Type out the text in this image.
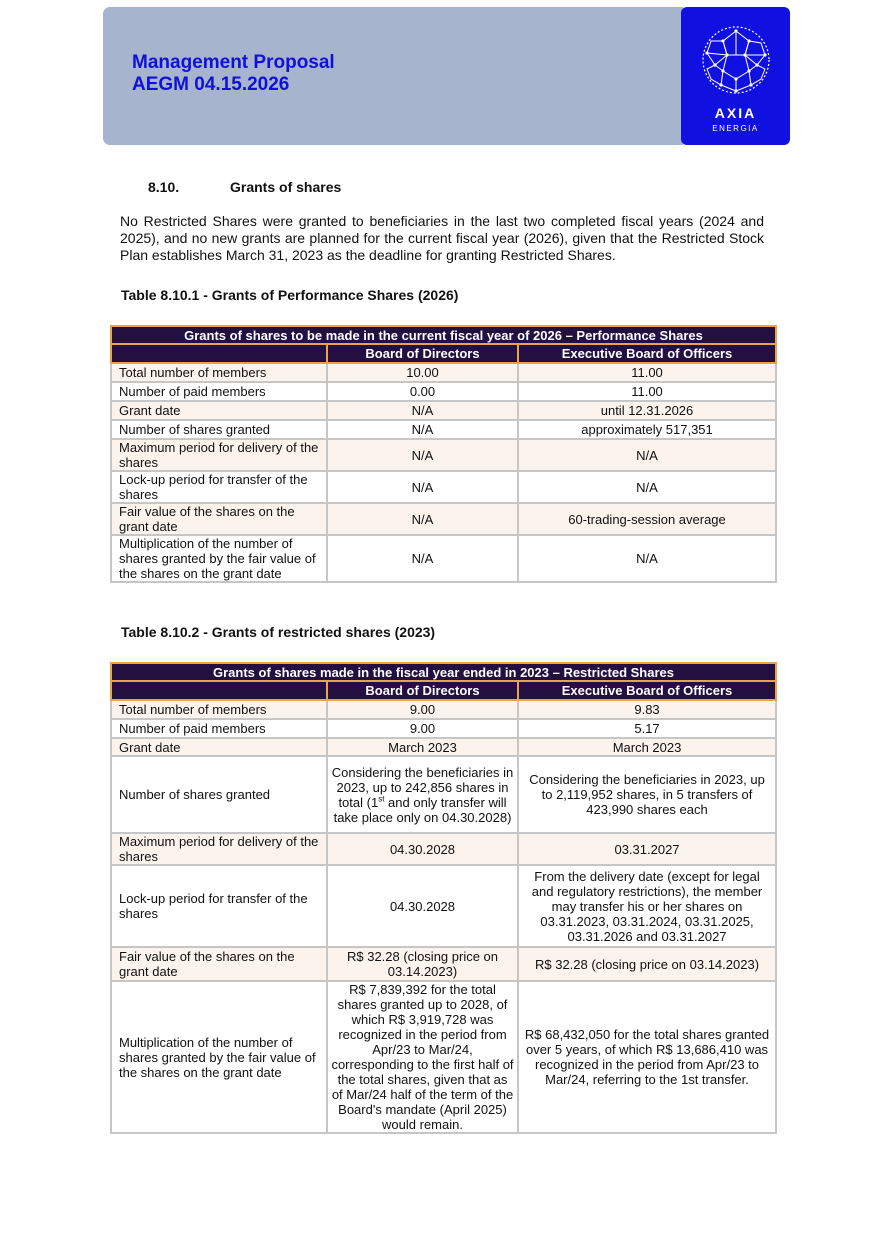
Management Proposal
AEGM 04.15.2026
AXIA
ENERGIA
8.10.	Grants of shares
No Restricted Shares were granted to beneficiaries in the last two completed fiscal years (2024 and 2025), and no new grants are planned for the current fiscal year (2026), given that the Restricted Stock Plan establishes March 31, 2023 as the deadline for granting Restricted Shares.
Table 8.10.1 - Grants of Performance Shares (2026)
Grants of shares to be made in the current fiscal year of 2026 – Performance Shares		
	Board of Directors	Executive Board of Officers
Total number of members	10.00	11.00
Number of paid members	0.00	11.00
Grant date	N/A	until 12.31.2026
Number of shares granted	N/A	approximately 517,351
Maximum period for delivery of the shares	N/A	N/A
Lock-up period for transfer of the shares	N/A	N/A
Fair value of the shares on the grant date	N/A	60-trading-session average
Multiplication of the number of shares granted by the fair value of the shares on the grant date	N/A	N/A
Table 8.10.2 - Grants of restricted shares (2023)
Grants of shares made in the fiscal year ended in 2023 – Restricted Shares		
	Board of Directors	Executive Board of Officers
Total number of members	9.00	9.83
Number of paid members	9.00	5.17
Grant date	March 2023	March 2023
Number of shares granted	Considering the beneficiaries in 2023, up to 242,856 shares in total (1st and only transfer will take place only on 04.30.2028)	Considering the beneficiaries in 2023, up to 2,119,952 shares, in 5 transfers of 423,990 shares each
Maximum period for delivery of the shares	04.30.2028	03.31.2027
Lock-up period for transfer of the shares	04.30.2028	From the delivery date (except for legal and regulatory restrictions), the member may transfer his or her shares on 03.31.2023, 03.31.2024, 03.31.2025, 03.31.2026 and 03.31.2027
Fair value of the shares on the grant date	R$ 32.28 (closing price on 03.14.2023)	R$ 32.28 (closing price on 03.14.2023)
Multiplication of the number of shares granted by the fair value of the shares on the grant date	R$ 7,839,392 for the total shares granted up to 2028, of which R$ 3,919,728 was recognized in the period from Apr/23 to Mar/24, corresponding to the first half of the total shares, given that as of Mar/24 half of the term of the Board's mandate (April 2025) would remain.	R$ 68,432,050 for the total shares granted over 5 years, of which R$ 13,686,410 was recognized in the period from Apr/23 to Mar/24, referring to the 1st transfer.
